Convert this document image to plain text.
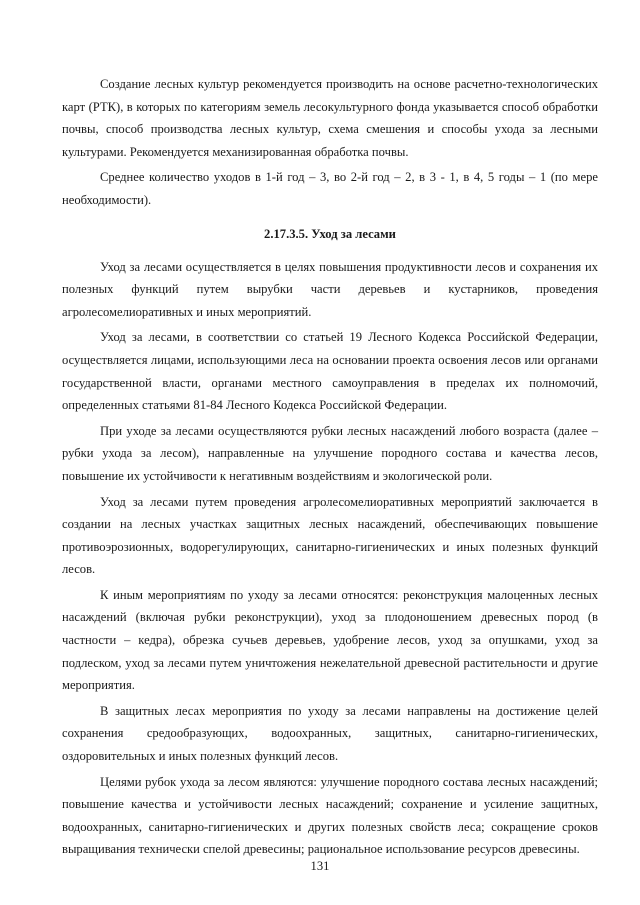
Создание лесных культур рекомендуется производить на основе расчетно-технологических карт (РТК), в которых по категориям земель лесокультурного фонда указывается способ обработки почвы, способ производства лесных культур, схема смешения и способы ухода за лесными культурами. Рекомендуется механизированная обработка почвы.

Среднее количество уходов в 1-й год – 3, во 2-й год – 2, в 3 - 1, в 4, 5 годы – 1 (по мере необходимости).

2.17.3.5. Уход за лесами

Уход за лесами осуществляется в целях повышения продуктивности лесов и сохранения их полезных функций путем вырубки части деревьев и кустарников, проведения агролесомелиоративных и иных мероприятий.

Уход за лесами, в соответствии со статьей 19 Лесного Кодекса Российской Федерации, осуществляется лицами, использующими леса на основании проекта освоения лесов или органами государственной власти, органами местного самоуправления в пределах их полномочий, определенных статьями 81-84 Лесного Кодекса Российской Федерации.

При уходе за лесами осуществляются рубки лесных насаждений любого возраста (далее – рубки ухода за лесом), направленные на улучшение породного состава и качества лесов, повышение их устойчивости к негативным воздействиям и экологической роли.

Уход за лесами путем проведения агролесомелиоративных мероприятий заключается в создании на лесных участках защитных лесных насаждений, обеспечивающих повышение противоэрозионных, водорегулирующих, санитарно-гигиенических и иных полезных функций лесов.

К иным мероприятиям по уходу за лесами относятся: реконструкция малоценных лесных насаждений (включая рубки реконструкции), уход за плодоношением древесных пород (в частности – кедра), обрезка сучьев деревьев, удобрение лесов, уход за опушками, уход за подлеском, уход за лесами путем уничтожения нежелательной древесной растительности и другие мероприятия.

В защитных лесах мероприятия по уходу за лесами направлены на достижение целей сохранения средообразующих, водоохранных, защитных, санитарно-гигиенических, оздоровительных и иных полезных функций лесов.

Целями рубок ухода за лесом являются: улучшение породного состава лесных насаждений; повышение качества и устойчивости лесных насаждений; сохранение и усиление защитных, водоохранных, санитарно-гигиенических и других полезных свойств леса; сокращение сроков выращивания технически спелой древесины; рациональное использование ресурсов древесины.

131
